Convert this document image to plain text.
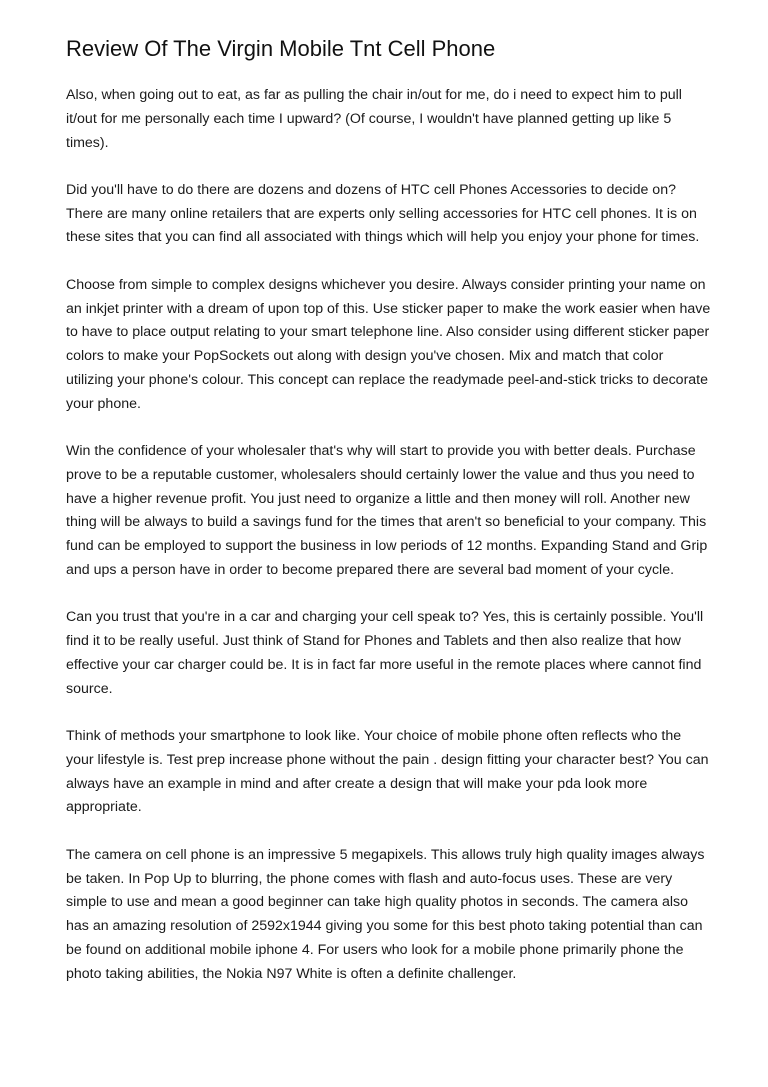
Review Of The Virgin Mobile Tnt Cell Phone

Also, when going out to eat, as far as pulling the chair in/out for me, do i need to expect him to pull it/out for me personally each time I upward? (Of course, I wouldn't have planned getting up like 5 times).

Did you'll have to do there are dozens and dozens of HTC cell Phones Accessories to decide on? There are many online retailers that are experts only selling accessories for HTC cell phones. It is on these sites that you can find all associated with things which will help you enjoy your phone for times.

Choose from simple to complex designs whichever you desire. Always consider printing your name on an inkjet printer with a dream of upon top of this. Use sticker paper to make the work easier when have to have to place output relating to your smart telephone line. Also consider using different sticker paper colors to make your PopSockets out along with design you've chosen. Mix and match that color utilizing your phone's colour. This concept can replace the readymade peel-and-stick tricks to decorate your phone.

Win the confidence of your wholesaler that's why will start to provide you with better deals. Purchase prove to be a reputable customer, wholesalers should certainly lower the value and thus you need to have a higher revenue profit. You just need to organize a little and then money will roll. Another new thing will be always to build a savings fund for the times that aren't so beneficial to your company. This fund can be employed to support the business in low periods of 12 months. Expanding Stand and Grip and ups a person have in order to become prepared there are several bad moment of your cycle.

Can you trust that you're in a car and charging your cell speak to? Yes, this is certainly possible. You'll find it to be really useful. Just think of Stand for Phones and Tablets and then also realize that how effective your car charger could be. It is in fact far more useful in the remote places where cannot find source.

Think of methods your smartphone to look like. Your choice of mobile phone often reflects who the your lifestyle is. Test prep increase phone without the pain . design fitting your character best? You can always have an example in mind and after create a design that will make your pda look more appropriate.

The camera on cell phone is an impressive 5 megapixels. This allows truly high quality images always be taken. In Pop Up to blurring, the phone comes with flash and auto-focus uses. These are very simple to use and mean a good beginner can take high quality photos in seconds. The camera also has an amazing resolution of 2592x1944 giving you some for this best photo taking potential than can be found on additional mobile iphone 4. For users who look for a mobile phone primarily phone the photo taking abilities, the Nokia N97 White is often a definite challenger.
